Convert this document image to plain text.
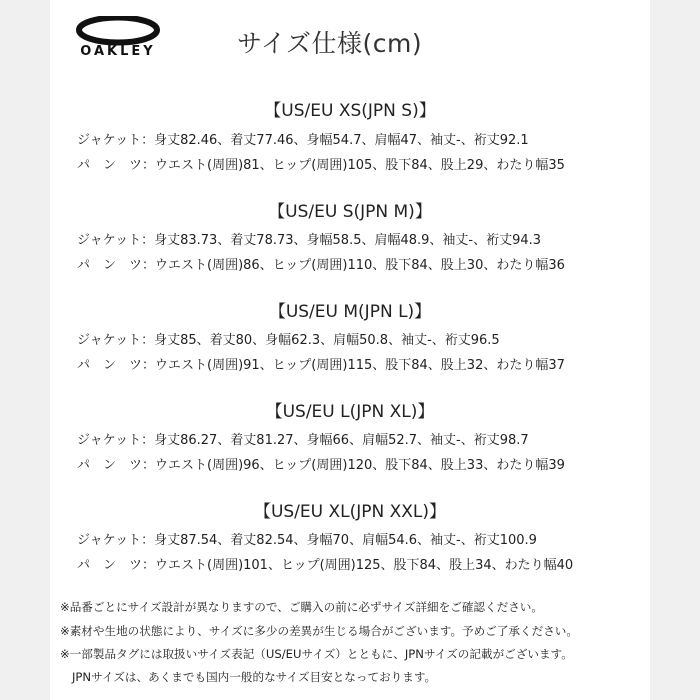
OAKLEY	サイズ仕様(cm)
【US/EU XS(JPN S)】
ジャケット：身丈82.46、着丈77.46、身幅54.7、肩幅47、袖丈-、裄丈92.1
パ　ン　ツ：ウエスト(周囲)81、ヒップ(周囲)105、股下84、股上29、わたり幅35
【US/EU S(JPN M)】
ジャケット：身丈83.73、着丈78.73、身幅58.5、肩幅48.9、袖丈-、裄丈94.3
パ　ン　ツ：ウエスト(周囲)86、ヒップ(周囲)110、股下84、股上30、わたり幅36
【US/EU M(JPN L)】
ジャケット：身丈85、着丈80、身幅62.3、肩幅50.8、袖丈-、裄丈96.5
パ　ン　ツ：ウエスト(周囲)91、ヒップ(周囲)115、股下84、股上32、わたり幅37
【US/EU L(JPN XL)】
ジャケット：身丈86.27、着丈81.27、身幅66、肩幅52.7、袖丈-、裄丈98.7
パ　ン　ツ：ウエスト(周囲)96、ヒップ(周囲)120、股下84、股上33、わたり幅39
【US/EU XL(JPN XXL)】
ジャケット：身丈87.54、着丈82.54、身幅70、肩幅54.6、袖丈-、裄丈100.9
パ　ン　ツ：ウエスト(周囲)101、ヒップ(周囲)125、股下84、股上34、わたり幅40
※品番ごとにサイズ設計が異なりますので、ご購入の前に必ずサイズ詳細をご確認ください。
※素材や生地の状態により、サイズに多少の差異が生じる場合がございます。予めご了承ください。
※一部製品タグには取扱いサイズ表記（US/EUサイズ）とともに、JPNサイズの記載がございます。
JPNサイズは、あくまでも国内一般的なサイズ目安となっております。
